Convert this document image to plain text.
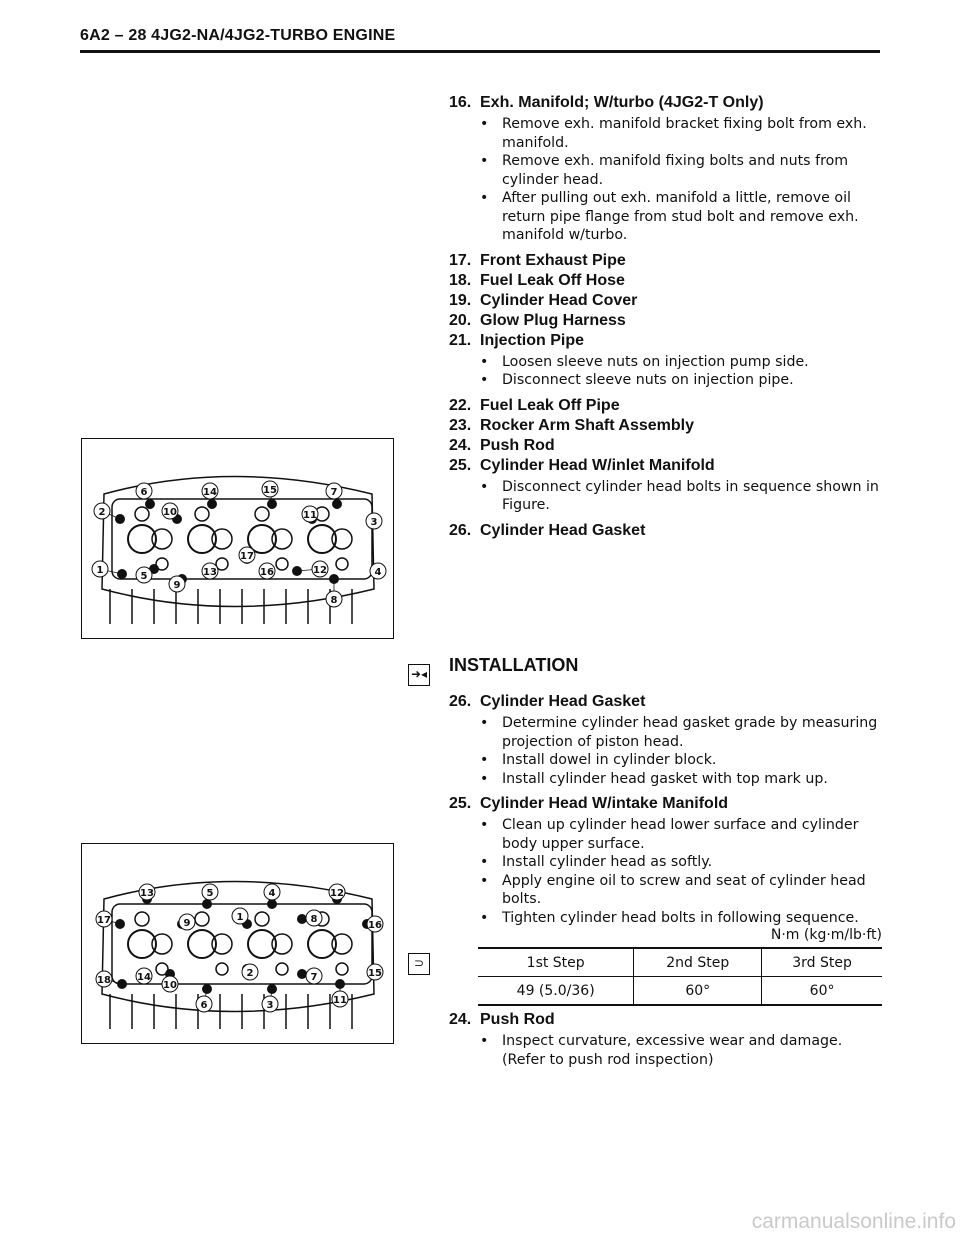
6A2 – 28 4JG2-NA/4JG2-TURBO ENGINE

16. Exh. Manifold; W/turbo (4JG2-T Only)

• Remove exh. manifold bracket fixing bolt from exh. manifold.
• Remove exh. manifold fixing bolts and nuts from cylinder head.
• After pulling out exh. manifold a little, remove oil return pipe flange from stud bolt and remove exh. manifold w/turbo.

17. Front Exhaust Pipe

18. Fuel Leak Off Hose

19. Cylinder Head Cover

20. Glow Plug Harness

21. Injection Pipe

• Loosen sleeve nuts on injection pump side.
• Disconnect sleeve nuts on injection pipe.

22. Fuel Leak Off Pipe

23. Rocker Arm Shaft Assembly

24. Push Rod

25. Cylinder Head W/inlet Manifold

• Disconnect cylinder head bolts in sequence shown in Figure.

26. Cylinder Head Gasket

1
2
3
4
5
6	7
8
9
10	11
12
13
14	15
16
17
➜◂ INSTALLATION

26. Cylinder Head Gasket

• Determine cylinder head gasket grade by measuring projection of piston head.
• Install dowel in cylinder block.
• Install cylinder head gasket with top mark up.

25. Cylinder Head W/intake Manifold

• Clean up cylinder head lower surface and cylinder body upper surface.
• Install cylinder head as softly.
• Apply engine oil to screw and seat of cylinder head bolts.
• Tighten cylinder head bolts in following sequence.
N·m (kg·m/lb·ft)
⊃	1st Step	2nd Step	3rd Step
49 (5.0/36)	60°	60°

24. Push Rod

• Inspect curvature, excessive wear and damage. (Refer to push rod inspection)
1
2
3
4
5
6
7
8
9
10
11
12
13
14	15
16
17
18
carmanualsonline.info
